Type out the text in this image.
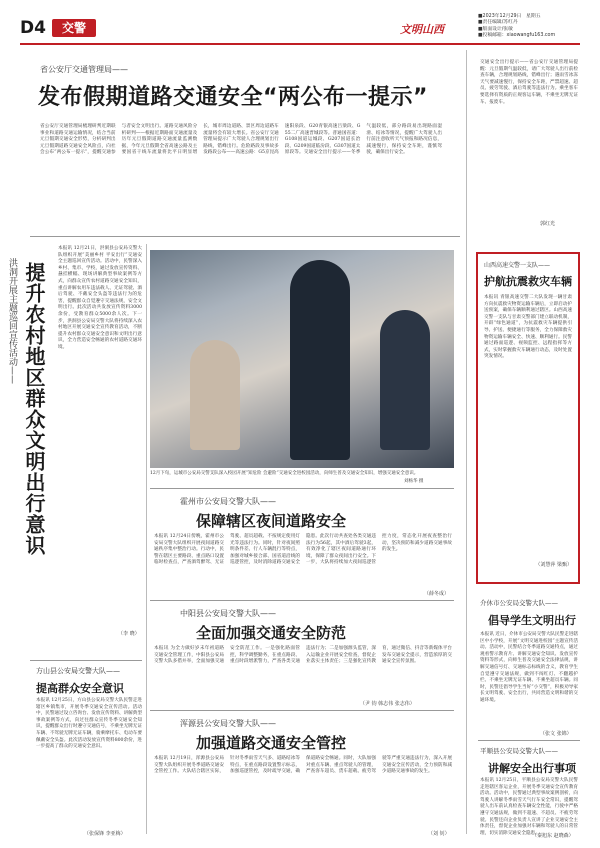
D4	交警	文明山西
■2023年12月29日　星期五
■责任编辑/苏红丹
■版面设计/张敏
■投稿邮箱：xiaowangfu163.com
省公安厅交通管理局——
发布假期道路交通安全“两公布一提示”
省公安厅交通管理局梳理研判近期联事业和道路交通运输情况，结合当前元旦假期交通安全形势，分析研判出元旦假期道路交通安全风险点，向社会公布“两公布一提示”，提醒交通参与者安全文明出行。道路交通风险分析研判——根据近期路面交通流量及历年元旦假期道路交通流量监测数据，今年元旦假期全省高速公路及主要国省干线车流量将比平日明显增长，城市周边道路、景区周边道路车流量将会有较大增长。省公安厅交通管理局提示广大驾驶人合理规划出行路线，错峰出行。危险路段及事故多发路段公布——高速公路：G5京昆高速阳泉段、G20青银高速吕梁段、G55二广高速晋城段等。普通国省道：G108国道运城段、G207国道长治段、G209国道临汾段、G307国道太原段等。交通安全出行提示——冬季气温较低，部分路段易出现路面湿滑、结冰等情况，提醒广大驾驶人出行前注意收听天气预报和路况信息，减速慢行，保持安全车距，谨慎驾驶，确保出行安全。
交通安全出行提示——省公安厅交通管理局提醒：元旦假期气温较低，请广大驾驶人出行前检查车辆，合理规划路线，错峰出行；遇雨雪冰冻天气要减速慢行，保持安全车距，严禁超速、超员、疲劳驾驶、酒后驾驶等违法行为。乘坐客车要选择有资质的正规客运车辆，不乘坐无牌无证车、报废车。
郭红光
洪洞开展主题巡回宣传活动—— 提升农村地区群众文明出行意识
本报讯 12月21日，洪洞县公安局交警大队组织开展“美丽乡村 平安出行”交通安全主题巡回宣传活动。活动中，民警深入乡村、集市、学校，通过发放宣传资料、悬挂横幅、现场讲解典型事故案例等方式，向群众宣传农村道路交通安全知识，重点讲解农用车违法载人、无证驾驶、酒后驾驶、不戴安全头盔等违法行为的危害，提醒群众自觉遵守交通法规，安全文明出行。此次活动共发放宣传资料3000余份，受教育群众5000余人次。下一步，洪洞县公安局交警大队将持续深入农村地区开展交通安全宣传教育活动，不断提升农村群众交通安全意识和文明出行意识，全力营造安全畅通的农村道路交通环境。
（李 晓）
12月下旬，运城市公安局交警支队深入校园开展“知危险 会避险”交通安全进校园活动，向师生普及交通安全知识，增强交通安全意识。
刘杨华 摄
霍州市公安局交警大队——
保障辖区夜间道路安全
本报讯 12月24日傍晚，霍州市公安局交警大队组织开展夜间道路交通秩序集中整治行动。行动中，民警在辖区主要路段、重点路口设置临时检查点，严查酒驾醉驾、无证驾驶、超员超载、不按规定使用灯光等违法行为。同时，针对夜间照明条件差、行人车辆混行等特点，加强对城乡接合部、国省道沿线的巡逻管控，及时消除道路交通安全隐患。此次行动共查处各类交通违法行为56起，其中酒后驾驶3起，有效净化了辖区夜间道路通行环境，保障了群众夜间出行安全。下一步，大队将持续加大夜间巡逻管控力度，常态化开展夜查整治行动，坚决预防和减少道路交通事故的发生。
（薛冬成）
中阳县公安局交警大队——
全面加强交通安全防范
本报讯 为全力做好岁末年初道路交通安全管理工作，中阳县公安局交警大队多措并举，全面加强交通安全防范工作。一是强化路面管控，科学调整勤务，在重点路段、重点时段增派警力，严查各类交通违法行为；二是加强源头监管，深入运输企业开展安全检查，督促企业落实主体责任；三是强化宣传教育，通过微信、抖音等新媒体平台发布交通安全提示，营造浓厚的交通安全宣传氛围。
（尹 钧 韩志伟 张志伟）
浑源县公安局交警大队——
加强道路交通安全管控
本报讯 12月19日，浑源县公安局交警大队组织开展冬季道路交通安全管控工作。大队结合辖区实际，针对冬季雨雪天气多、道路结冰等特点，在重点路段设置警示标志，加强巡逻管控，及时疏导交通，确保道路安全畅通。同时，大队加强对重点车辆、重点驾驶人的管理，严查客车超员、货车超载、疲劳驾驶等严重交通违法行为，深入开展交通安全宣传活动，全力预防和减少道路交通事故的发生。
（刘 钊）
方山县公安局交警大队——
提高群众安全意识
本报讯 12月25日，方山县公安局交警大队民警走进辖区乡镇集市，开展冬季交通安全宣传活动。活动中，民警通过设立咨询台、发放宣传资料、讲解典型事故案例等方式，向过往群众宣传冬季交通安全知识，提醒群众出行时遵守交通信号，不乘坐无牌无证车辆、不驾驶无牌无证车辆，骑乘摩托车、电动车要佩戴安全头盔。此次活动发放宣传资料800余份，进一步提高了群众的交通安全意识。
（张保锋 李亚梅）
山西高速交警一支队——
护航抗震救灾车辆
本报讯 青银高速交警二大队发现一辆甘肃方向抗震救灾物资运输车辆后，立即启动护送预案，确保车辆顺利通过辖区。山西高速交警一支队与甘肃交警部门建立联动机制，开辟“绿色通道”，为抗震救灾车辆提供引导、护送、便捷通行等服务，全力保障救灾物资运输车辆安全、快速、顺利通行。民警通过路面巡逻、视频监控、远程指挥等方式，实时掌握救灾车辆通行动态，及时处置突发情况。
（刘慧萍 梁甄）
介休市公安局交警大队——
倡导学生文明出行
本报讯 近日，介休市公安局交警大队民警走进辖区中小学校，开展“文明交通进校园”主题宣传活动。活动中，民警结合冬季道路交通特点，通过观看警示教育片、讲解交通安全知识、发放宣传资料等形式，向师生普及交通安全法律法规，讲解交通信号灯、交通标志标线的含义，教育学生自觉遵守交通法规，做到不闯红灯、不翻越护栏、不乘坐无牌无证车辆、不乘坐超员车辆。同时，民警还倡导学生当好“小交警”，积极劝导家长文明驾驶、安全出行，共同营造文明和谐的交通环境。
（张文 张锦）
平顺县公安局交警大队——
讲解安全出行事项
本报讯 12月25日，平顺县公安局交警大队民警走进辖区客运企业，开展冬季交通安全宣传教育活动。活动中，民警通过典型事故案例剖析，向驾驶人讲解冬季雨雪天气行车安全常识，提醒驾驶人出车前认真检查车辆安全性能，行驶中严格遵守交通法规，做到不超速、不超员、不疲劳驾驶。民警还向企业负责人宣讲了企业交通安全主体责任，督促企业加强对车辆和驾驶人的日常管理，切实消除交通安全隐患。
（秦旭东 赵晓森）
